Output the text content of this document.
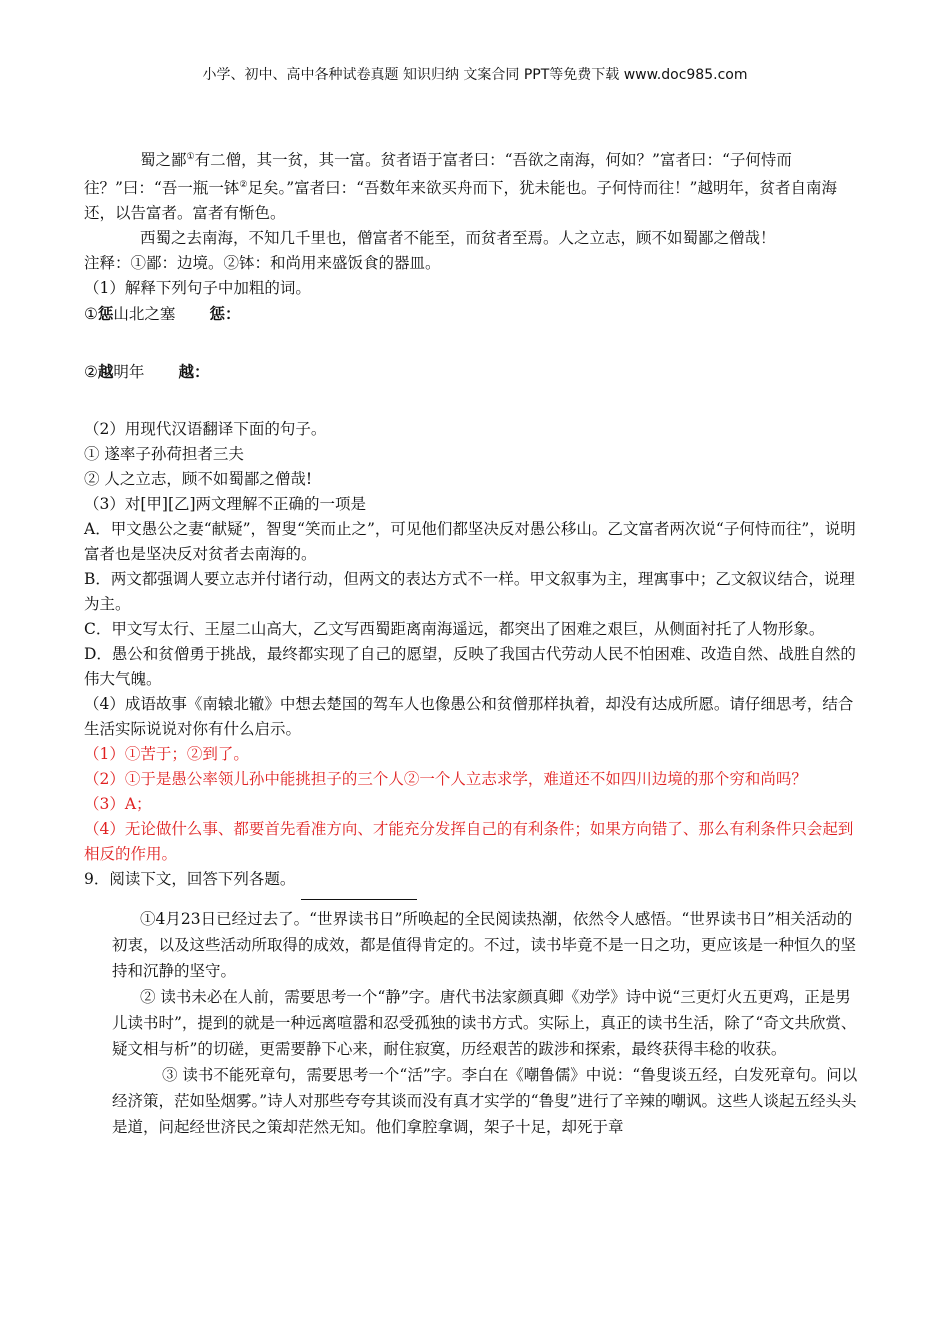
小学、初中、高中各种试卷真题 知识归纳 文案合同 PPT等免费下载 www.doc985.com

蜀之鄙①有二僧，其一贫，其一富。贫者语于富者曰：“吾欲之南海，何如？”富者曰：“子何恃而往？”曰：“吾一瓶一钵②足矣。”富者曰：“吾数年来欲买舟而下，犹未能也。子何恃而往！”越明年，贫者自南海还，以告富者。富者有惭色。

西蜀之去南海，不知几千里也，僧富者不能至，而贫者至焉。人之立志，顾不如蜀鄙之僧哉！

注释：①鄙：边境。②钵：和尚用来盛饭食的器皿。

（1）解释下列句子中加粗的词。

①惩山北之塞 惩：

②越明年 越：

（2）用现代汉语翻译下面的句子。

① 遂率子孙荷担者三夫

② 人之立志，顾不如蜀鄙之僧哉!

（3）对[甲][乙]两文理解不正确的一项是

A．甲文愚公之妻“献疑”，智叟“笑而止之”，可见他们都坚决反对愚公移山。乙文富者两次说“子何恃而往”，说明富者也是坚决反对贫者去南海的。

B．两文都强调人要立志并付诸行动，但两文的表达方式不一样。甲文叙事为主，理寓事中；乙文叙议结合，说理为主。

C．甲文写太行、王屋二山高大，乙文写西蜀距离南海遥远，都突出了困难之艰巨，从侧面衬托了人物形象。

D．愚公和贫僧勇于挑战，最终都实现了自己的愿望，反映了我国古代劳动人民不怕困难、改造自然、战胜自然的伟大气魄。

（4）成语故事《南辕北辙》中想去楚国的驾车人也像愚公和贫僧那样执着，却没有达成所愿。请仔细思考，结合生活实际说说对你有什么启示。

（1）①苦于；②到了。

（2）①于是愚公率领儿孙中能挑担子的三个人②一个人立志求学，难道还不如四川边境的那个穷和尚吗？

（3）A；

（4）无论做什么事、都要首先看准方向、才能充分发挥自己的有利条件；如果方向错了、那么有利条件只会起到相反的作用。

9．阅读下文，回答下列各题。

①4月23日已经过去了。“世界读书日”所唤起的全民阅读热潮，依然令人感悟。“世界读书日”相关活动的初衷，以及这些活动所取得的成效，都是值得肯定的。不过，读书毕竟不是一日之功，更应该是一种恒久的坚持和沉静的坚守。

② 读书未必在人前，需要思考一个“静”字。唐代书法家颜真卿《劝学》诗中说“三更灯火五更鸡，正是男儿读书时”，提到的就是一种远离喧嚣和忍受孤独的读书方式。实际上，真正的读书生活，除了“奇文共欣赏、疑文相与析”的切磋，更需要静下心来，耐住寂寞，历经艰苦的跋涉和探索，最终获得丰稔的收获。

③ 读书不能死章句，需要思考一个“活”字。李白在《嘲鲁儒》中说：“鲁叟谈五经，白发死章句。问以经济策，茫如坠烟雾。”诗人对那些夸夸其谈而没有真才实学的“鲁叟”进行了辛辣的嘲讽。这些人谈起五经头头是道，问起经世济民之策却茫然无知。他们拿腔拿调，架子十足，却死于章
